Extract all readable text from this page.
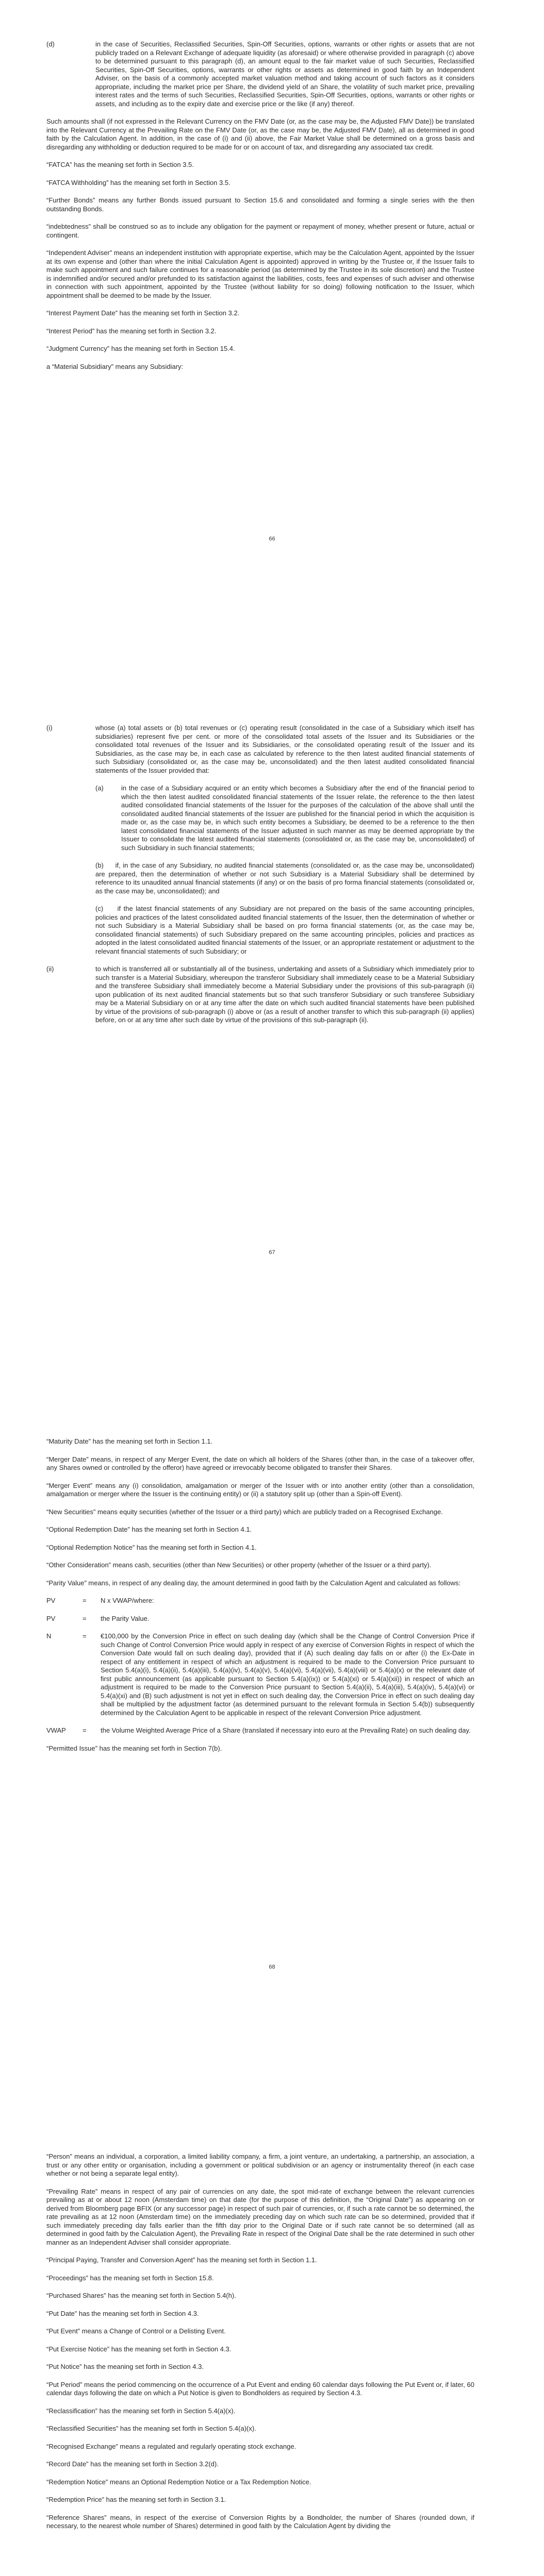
(d)	in the case of Securities, Reclassified Securities, Spin-Off Securities, options, warrants or other rights or assets that are not publicly traded on a Relevant Exchange of adequate liquidity (as aforesaid) or where otherwise provided in paragraph (c) above to be determined pursuant to this paragraph (d), an amount equal to the fair market value of such Securities, Reclassified Securities, Spin-Off Securities, options, warrants or other rights or assets as determined in good faith by an Independent Adviser, on the basis of a commonly accepted market valuation method and taking account of such factors as it considers appropriate, including the market price per Share, the dividend yield of an Share, the volatility of such market price, prevailing interest rates and the terms of such Securities, Reclassified Securities, Spin-Off Securities, options, warrants or other rights or assets, and including as to the expiry date and exercise price or the like (if any) thereof.

Such amounts shall (if not expressed in the Relevant Currency on the FMV Date (or, as the case may be, the Adjusted FMV Date)) be translated into the Relevant Currency at the Prevailing Rate on the FMV Date (or, as the case may be, the Adjusted FMV Date), all as determined in good faith by the Calculation Agent. In addition, in the case of (i) and (ii) above, the Fair Market Value shall be determined on a gross basis and disregarding any withholding or deduction required to be made for or on account of tax, and disregarding any associated tax credit.

“FATCA” has the meaning set forth in Section 3.5.

“FATCA Withholding” has the meaning set forth in Section 3.5.

“Further Bonds” means any further Bonds issued pursuant to Section 15.6 and consolidated and forming a single series with the then outstanding Bonds.

“indebtedness” shall be construed so as to include any obligation for the payment or repayment of money, whether present or future, actual or contingent.

“Independent Adviser” means an independent institution with appropriate expertise, which may be the Calculation Agent, appointed by the Issuer at its own expense and (other than where the initial Calculation Agent is appointed) approved in writing by the Trustee or, if the Issuer fails to make such appointment and such failure continues for a reasonable period (as determined by the Trustee in its sole discretion) and the Trustee is indemnified and/or secured and/or prefunded to its satisfaction against the liabilities, costs, fees and expenses of such adviser and otherwise in connection with such appointment, appointed by the Trustee (without liability for so doing) following notification to the Issuer, which appointment shall be deemed to be made by the Issuer.

“Interest Payment Date” has the meaning set forth in Section 3.2.

“Interest Period” has the meaning set forth in Section 3.2.

“Judgment Currency” has the meaning set forth in Section 15.4.

a “Material Subsidiary” means any Subsidiary:

66
(i)	whose (a) total assets or (b) total revenues or (c) operating result (consolidated in the case of a Subsidiary which itself has subsidiaries) represent five per cent. or more of the consolidated total assets of the Issuer and its Subsidiaries or the consolidated total revenues of the Issuer and its Subsidiaries, or the consolidated operating result of the Issuer and its Subsidiaries, as the case may be, in each case as calculated by reference to the then latest audited financial statements of such Subsidiary (consolidated or, as the case may be, unconsolidated) and the then latest audited consolidated financial statements of the Issuer provided that:

(a)	in the case of a Subsidiary acquired or an entity which becomes a Subsidiary after the end of the financial period to which the then latest audited consolidated financial statements of the Issuer relate, the reference to the then latest audited consolidated financial statements of the Issuer for the purposes of the calculation of the above shall until the consolidated audited financial statements of the Issuer are published for the financial period in which the acquisition is made or, as the case may be, in which such entity becomes a Subsidiary, be deemed to be a reference to the then latest consolidated financial statements of the Issuer adjusted in such manner as may be deemed appropriate by the Issuer to consolidate the latest audited financial statements (consolidated or, as the case may be, unconsolidated) of such Subsidiary in such financial statements;

(b)     if, in the case of any Subsidiary, no audited financial statements (consolidated or, as the case may be, unconsolidated) are prepared, then the determination of whether or not such Subsidiary is a Material Subsidiary shall be determined by reference to its unaudited annual financial statements (if any) or on the basis of pro forma financial statements (consolidated or, as the case may be, unconsolidated); and

(c)     if the latest financial statements of any Subsidiary are not prepared on the basis of the same accounting principles, policies and practices of the latest consolidated audited financial statements of the Issuer, then the determination of whether or not such Subsidiary is a Material Subsidiary shall be based on pro forma financial statements (or, as the case may be, consolidated financial statements) of such Subsidiary prepared on the same accounting principles, policies and practices as adopted in the latest consolidated audited financial statements of the Issuer, or an appropriate restatement or adjustment to the relevant financial statements of such Subsidiary; or

(ii)	to which is transferred all or substantially all of the business, undertaking and assets of a Subsidiary which immediately prior to such transfer is a Material Subsidiary, whereupon the transferor Subsidiary shall immediately cease to be a Material Subsidiary and the transferee Subsidiary shall immediately become a Material Subsidiary under the provisions of this sub-paragraph (ii) upon publication of its next audited financial statements but so that such transferor Subsidiary or such transferee Subsidiary may be a Material Subsidiary on or at any time after the date on which such audited financial statements have been published by virtue of the provisions of sub-paragraph (i) above or (as a result of another transfer to which this sub-paragraph (ii) applies) before, on or at any time after such date by virtue of the provisions of this sub-paragraph (ii).

67

“Maturity Date” has the meaning set forth in Section 1.1.

“Merger Date” means, in respect of any Merger Event, the date on which all holders of the Shares (other than, in the case of a takeover offer, any Shares owned or controlled by the offeror) have agreed or irrevocably become obligated to transfer their Shares.

“Merger Event” means any (i) consolidation, amalgamation or merger of the Issuer with or into another entity (other than a consolidation, amalgamation or merger where the Issuer is the continuing entity) or (ii) a statutory split up (other than a Spin-off Event).

“New Securities” means equity securities (whether of the Issuer or a third party) which are publicly traded on a Recognised Exchange.

“Optional Redemption Date” has the meaning set forth in Section 4.1.

“Optional Redemption Notice” has the meaning set forth in Section 4.1.

“Other Consideration” means cash, securities (other than New Securities) or other property (whether of the Issuer or a third party).

“Parity Value” means, in respect of any dealing day, the amount determined in good faith by the Calculation Agent and calculated as follows:

PV	=	N x VWAP/where:

PV	=	the Parity Value.

N	=	€100,000 by the Conversion Price in effect on such dealing day (which shall be the Change of Control Conversion Price if such Change of Control Conversion Price would apply in respect of any exercise of Conversion Rights in respect of which the Conversion Date would fall on such dealing day), provided that if (A) such dealing day falls on or after (i) the Ex-Date in respect of any entitlement in respect of which an adjustment is required to be made to the Conversion Price pursuant to Section 5.4(a)(i), 5.4(a)(ii), 5.4(a)(iii), 5.4(a)(iv), 5.4(a)(v), 5.4(a)(vi), 5.4(a)(vii), 5.4(a)(viii) or 5.4(a)(x) or the relevant date of first public announcement (as applicable pursuant to Section 5.4(a)(ix)) or 5.4(a)(xi) or 5.4(a)(xii)) in respect of which an adjustment is required to be made to the Conversion Price pursuant to Section 5.4(a)(ii), 5.4(a)(iii), 5.4(a)(iv), 5.4(a)(vi) or 5.4(a)(xi) and (B) such adjustment is not yet in effect on such dealing day, the Conversion Price in effect on such dealing day shall be multiplied by the adjustment factor (as determined pursuant to the relevant formula in Section 5.4(b)) subsequently determined by the Calculation Agent to be applicable in respect of the relevant Conversion Price adjustment.

VWAP	=	the Volume Weighted Average Price of a Share (translated if necessary into euro at the Prevailing Rate) on such dealing day.

“Permitted Issue” has the meaning set forth in Section 7(b).

68

“Person” means an individual, a corporation, a limited liability company, a firm, a joint venture, an undertaking, a partnership, an association, a trust or any other entity or organisation, including a government or political subdivision or an agency or instrumentality thereof (in each case whether or not being a separate legal entity).

“Prevailing Rate” means in respect of any pair of currencies on any date, the spot mid-rate of exchange between the relevant currencies prevailing as at or about 12 noon (Amsterdam time) on that date (for the purpose of this definition, the “Original Date”) as appearing on or derived from Bloomberg page BFIX (or any successor page) in respect of such pair of currencies, or, if such a rate cannot be so determined, the rate prevailing as at 12 noon (Amsterdam time) on the immediately preceding day on which such rate can be so determined, provided that if such immediately preceding day falls earlier than the fifth day prior to the Original Date or if such rate cannot be so determined (all as determined in good faith by the Calculation Agent), the Prevailing Rate in respect of the Original Date shall be the rate determined in such other manner as an Independent Adviser shall consider appropriate.

“Principal Paying, Transfer and Conversion Agent” has the meaning set forth in Section 1.1.

“Proceedings” has the meaning set forth in Section 15.8.

“Purchased Shares” has the meaning set forth in Section 5.4(h).

“Put Date” has the meaning set forth in Section 4.3.

“Put Event” means a Change of Control or a Delisting Event.

“Put Exercise Notice” has the meaning set forth in Section 4.3.

“Put Notice” has the meaning set forth in Section 4.3.

“Put Period” means the period commencing on the occurrence of a Put Event and ending 60 calendar days following the Put Event or, if later, 60 calendar days following the date on which a Put Notice is given to Bondholders as required by Section 4.3.

“Reclassification” has the meaning set forth in Section 5.4(a)(x).

“Reclassified Securities” has the meaning set forth in Section 5.4(a)(x).

“Recognised Exchange” means a regulated and regularly operating stock exchange.

“Record Date” has the meaning set forth in Section 3.2(d).

“Redemption Notice” means an Optional Redemption Notice or a Tax Redemption Notice.

“Redemption Price” has the meaning set forth in Section 3.1.

“Reference Shares” means, in respect of the exercise of Conversion Rights by a Bondholder, the number of Shares (rounded down, if necessary, to the nearest whole number of Shares) determined in good faith by the Calculation Agent by dividing the
